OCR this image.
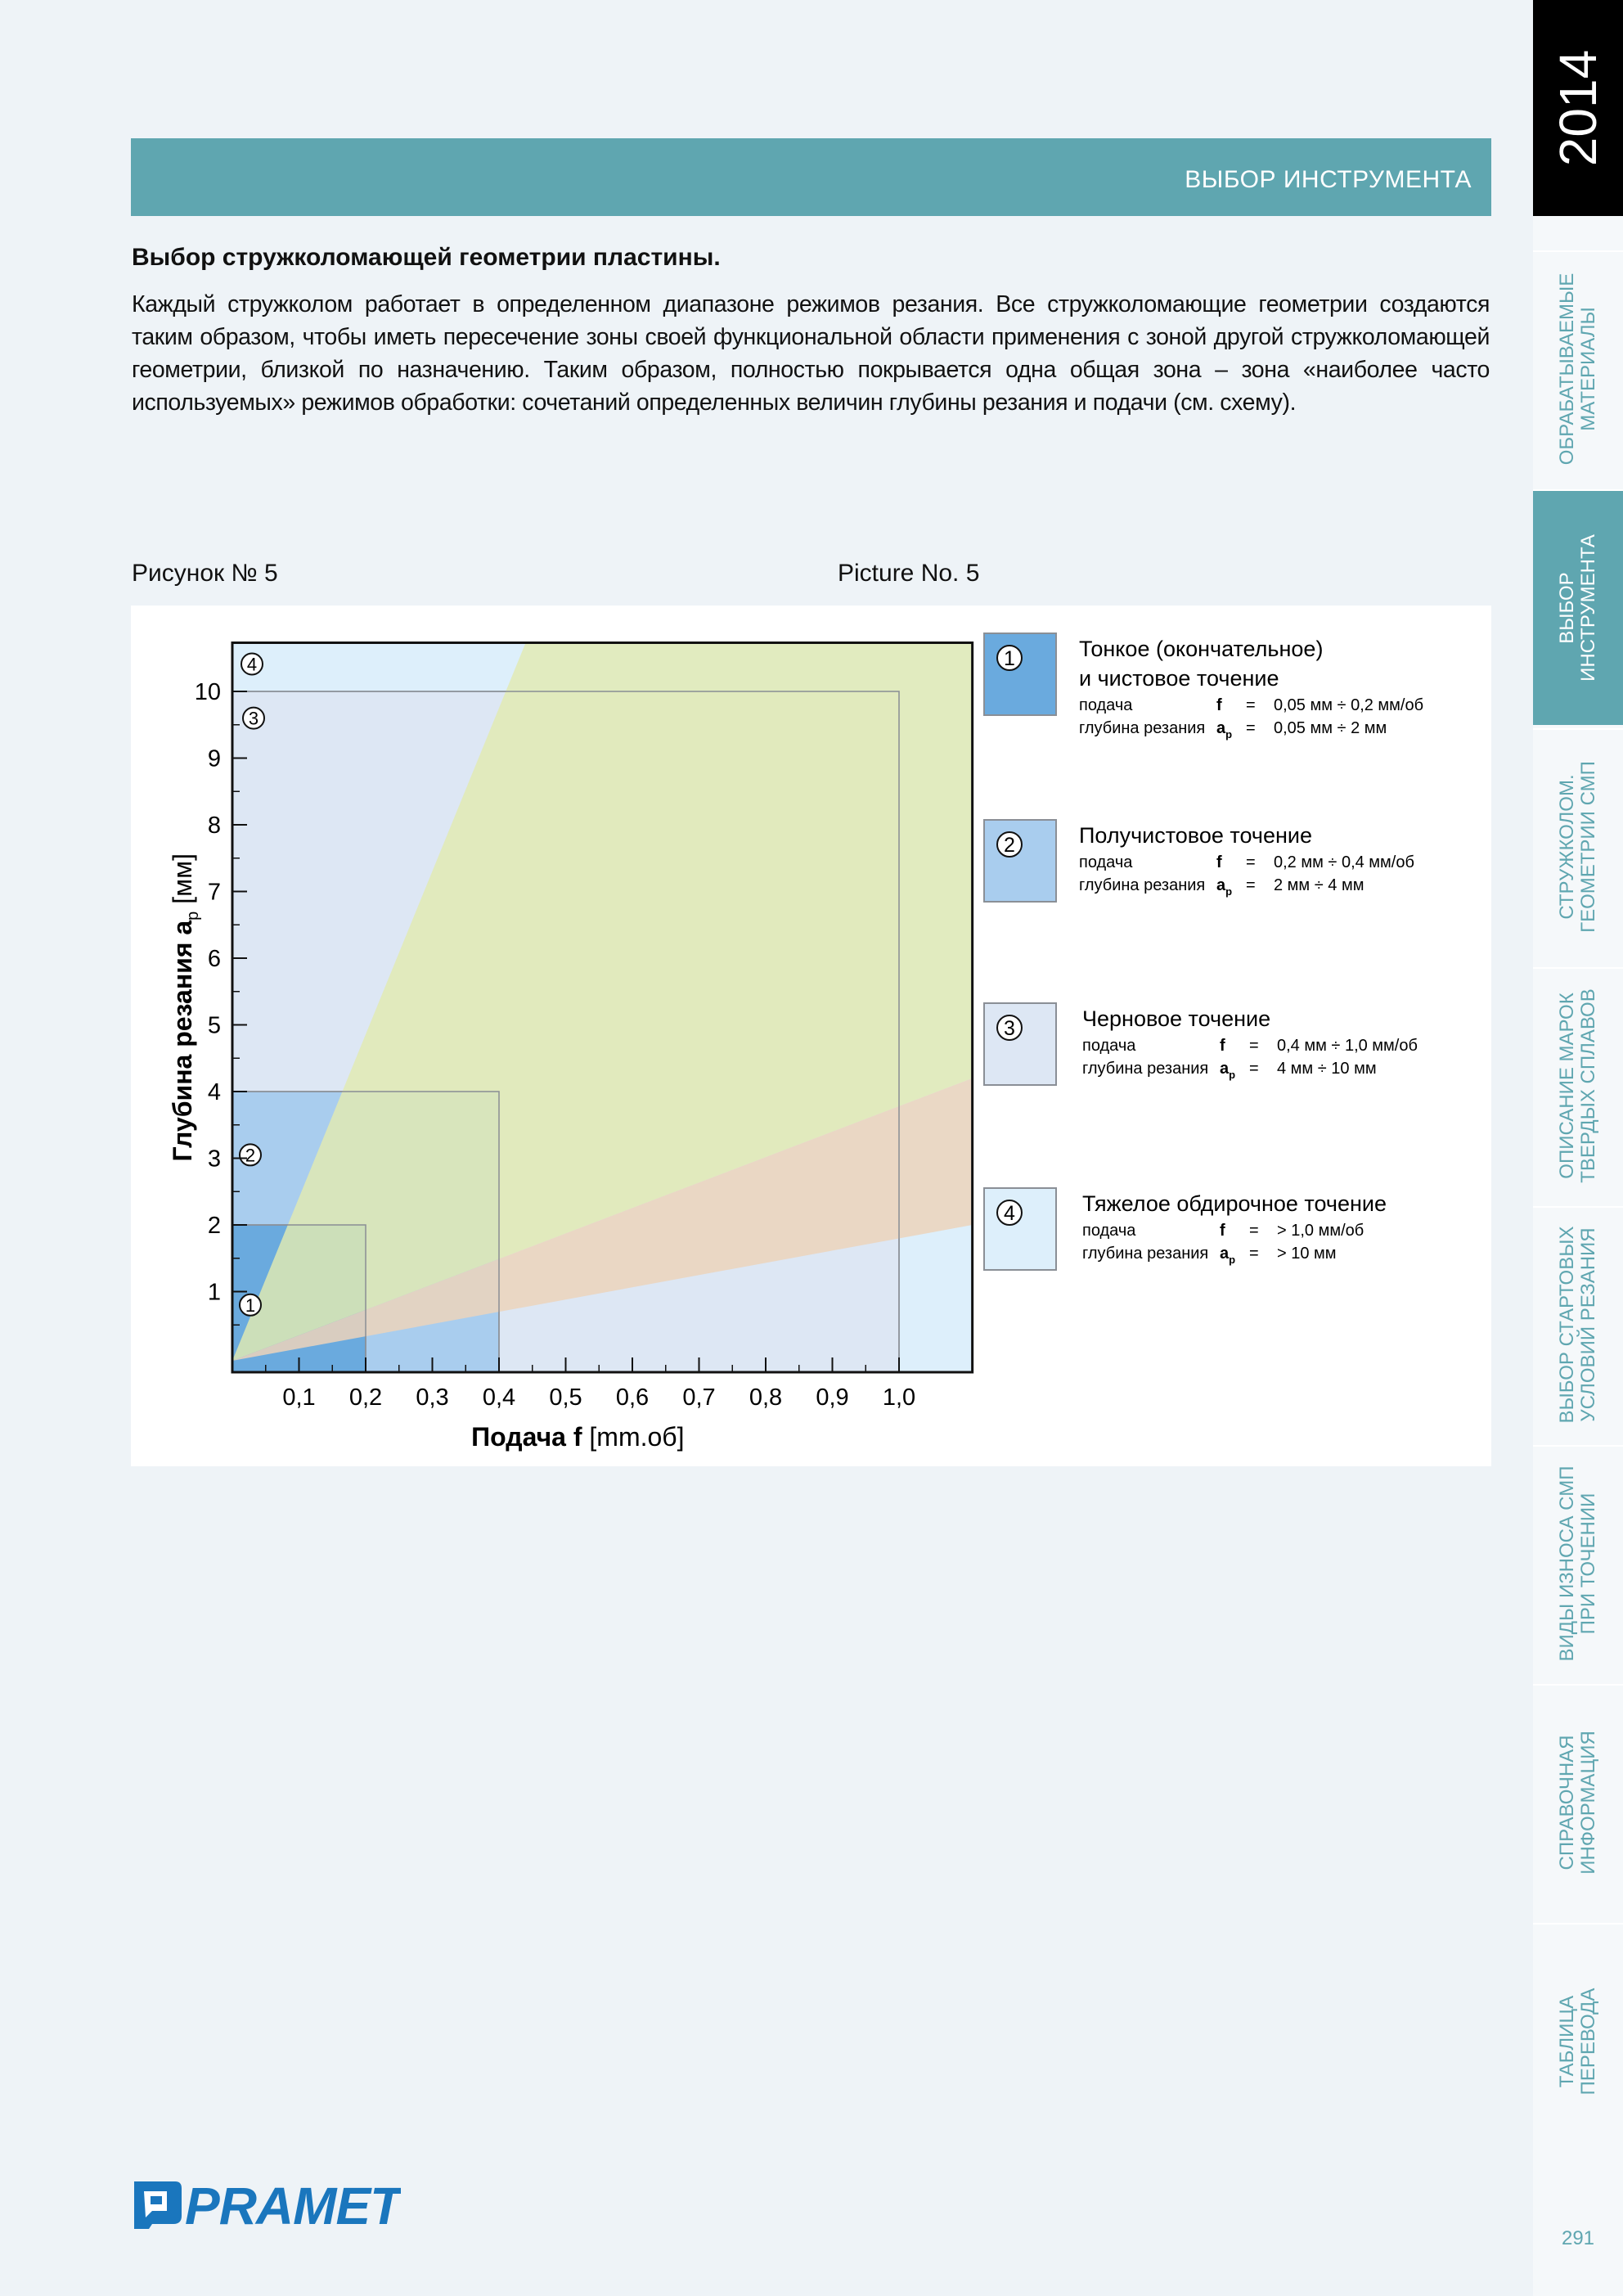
ВЫБОР ИНСТРУМЕНТА
Выбор стружколомающей геометрии пластины.
Каждый стружколом работает в определенном диапазоне режимов резания. Все стружколомающие геометрии создаются таким образом, чтобы иметь пересечение зоны своей функциональной области применения с зоной другой стружколомающей геометрии, близкой по назначению. Таким образом, полностью покрывается одна общая зона – зона «наиболее часто используемых» режимов обработки: сочетаний определенных величин глубины резания и подачи (см. схему).
Рисунок № 5	Picture No. 5
1
2
3
4
1
2
3
4
5
6
7
8
9
10
0,1 0,2 0,3 0,4 0,5 0,6 0,7 0,8 0,9 1,0
Подача f [mm.об]
Глубина резания $a_p$ [мм]
1	Тонкое (окончательное)
и чистовое точение
подача	f = 0,05 мм ÷ 0,2 мм/об
глубина резания $a_p = 0,05$ мм ÷ 2 мм
2	Получистовое точение
подача	f = 0,2 мм ÷ 0,4 мм/об
глубина резания $a_p = 2$ мм ÷ 4 мм
3	Черновое точение
подача	f = 0,4 мм ÷ 1,0 мм/об
глубина резания $a_p = 4$ мм ÷ 10 мм
4	Тяжелое обдирочное точение
подача	f = > 1,0 мм/об
глубина резания $a_p$ = > 10 мм
PRAMET
2014
ОБРАБАТЫВАЕМЫЕ
МАТЕРИАЛЫ
ВЫБОР
ИНСТРУМЕНТА
СТРУЖКОЛОМ.
ГЕОМЕТРИИ СМП
ОПИСАНИЕ МАРОК
ТВЕРДЫХ СПЛАВОВ
ВЫБОР СТАРТОВЫХ
УСЛОВИЙ РЕЗАНИЯ
ВИДЫ ИЗНОСА СМП
ПРИ ТОЧЕНИИ
СПРАВОЧНАЯ
ИНФОРМАЦИЯ
ТАБЛИЦА
ПЕРЕВОДА
291
